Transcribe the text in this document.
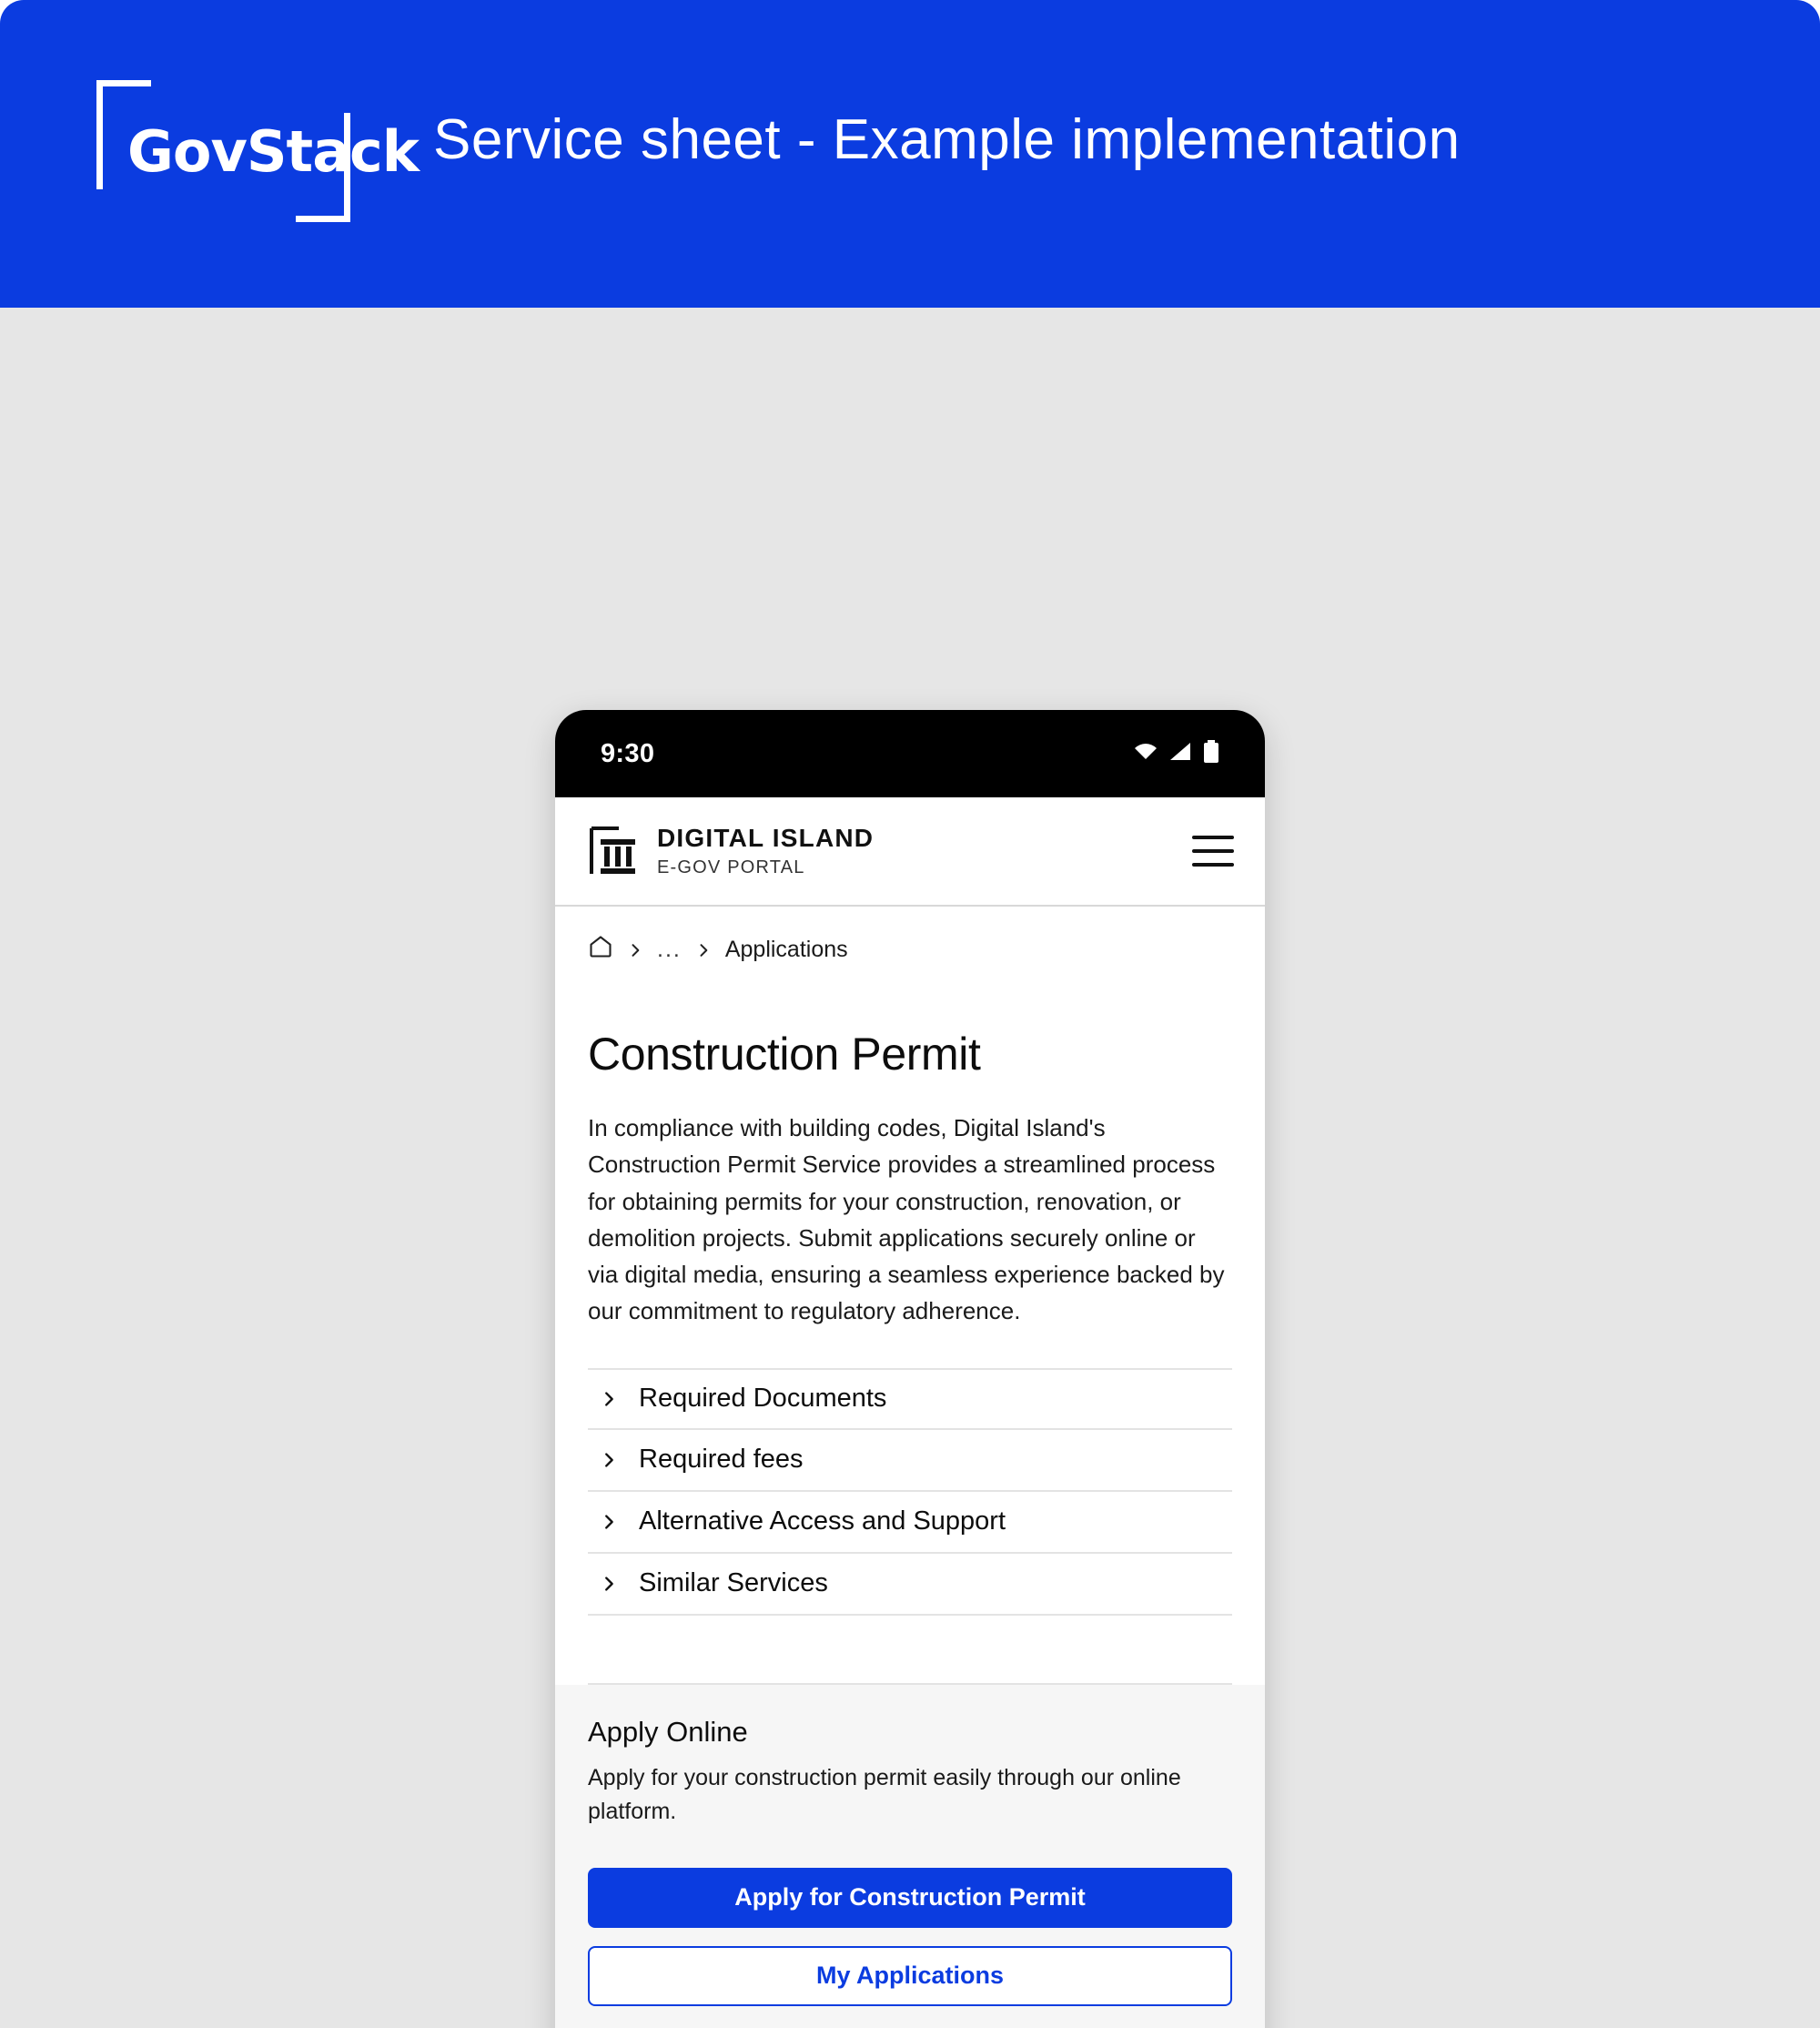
GovStack Service sheet - Example implementation
9:30
DIGITAL ISLAND
E-GOV PORTAL
... Applications
Construction Permit
In compliance with building codes, Digital Island's Construction Permit Service provides a streamlined process for obtaining permits for your construction, renovation, or demolition projects. Submit applications securely online or via digital media, ensuring a seamless experience backed by our commitment to regulatory adherence.
Required Documents
Required fees
Alternative Access and Support
Similar Services
Apply Online
Apply for your construction permit easily through our online platform.
Apply for Construction Permit
My Applications
